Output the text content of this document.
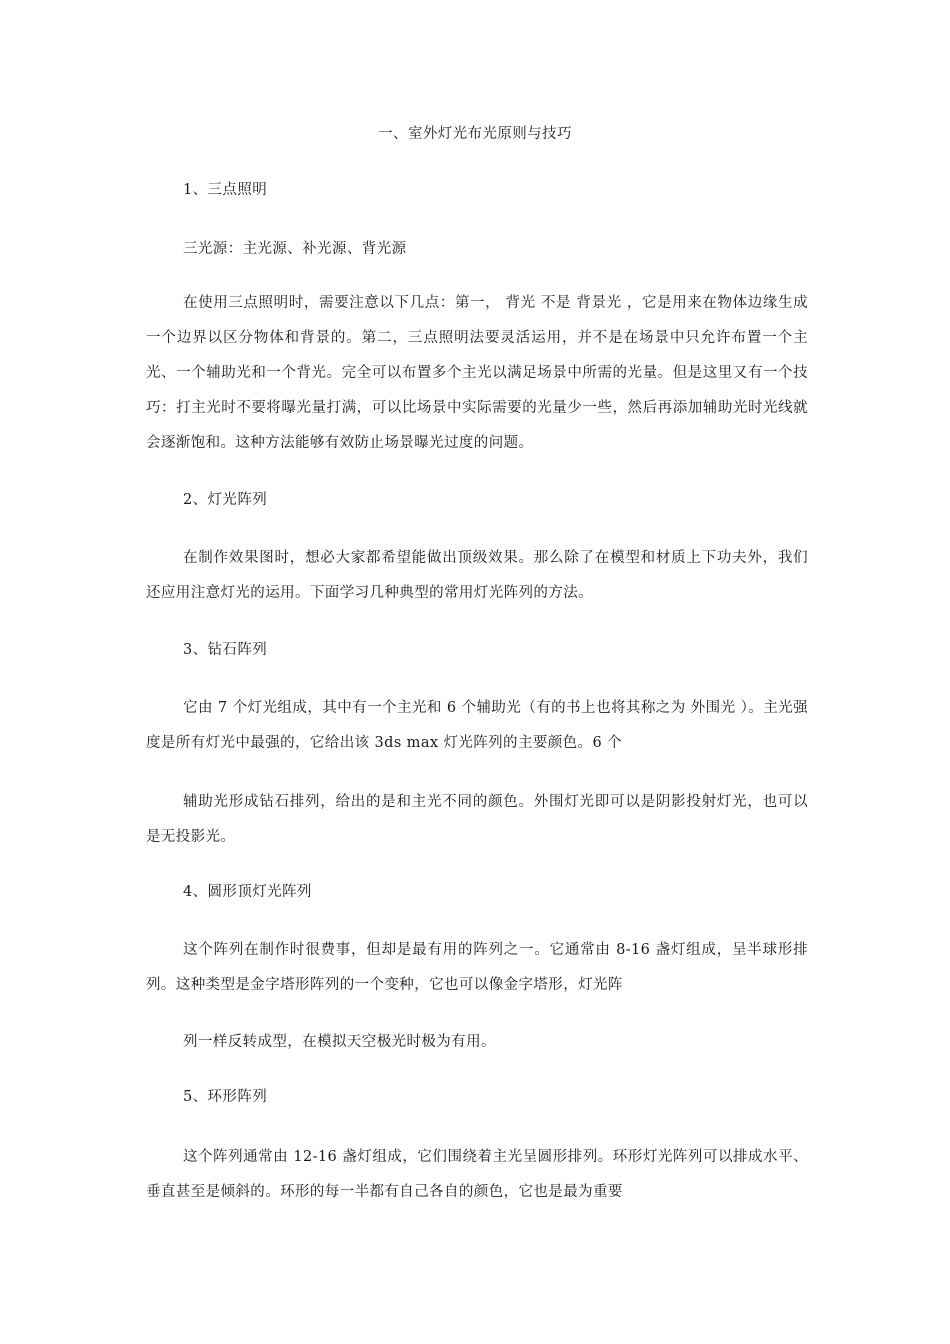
一、室外灯光布光原则与技巧
1、三点照明
三光源：主光源、补光源、背光源
在使用三点照明时，需要注意以下几点：第一， 背光 不是 背景光 ，它是用来在物体边缘生成一个边界以区分物体和背景的。第二，三点照明法要灵活运用，并不是在场景中只允许布置一个主光、一个辅助光和一个背光。完全可以布置多个主光以满足场景中所需的光量。但是这里又有一个技巧：打主光时不要将曝光量打满，可以比场景中实际需要的光量少一些，然后再添加辅助光时光线就会逐渐饱和。这种方法能够有效防止场景曝光过度的问题。
2、灯光阵列
在制作效果图时，想必大家都希望能做出顶级效果。那么除了在模型和材质上下功夫外，我们还应用注意灯光的运用。下面学习几种典型的常用灯光阵列的方法。
3、钻石阵列
它由 7 个灯光组成，其中有一个主光和 6 个辅助光（有的书上也将其称之为 外围光 ）。主光强度是所有灯光中最强的，它给出该 3ds max 灯光阵列的主要颜色。6 个
辅助光形成钻石排列，给出的是和主光不同的颜色。外围灯光即可以是阴影投射灯光，也可以是无投影光。
4、圆形顶灯光阵列
这个阵列在制作时很费事，但却是最有用的阵列之一。它通常由 8-16 盏灯组成，呈半球形排列。这种类型是金字塔形阵列的一个变种，它也可以像金字塔形，灯光阵
列一样反转成型，在模拟天空极光时极为有用。
5、环形阵列
这个阵列通常由 12-16 盏灯组成，它们围绕着主光呈圆形排列。环形灯光阵列可以排成水平、垂直甚至是倾斜的。环形的每一半都有自己各自的颜色，它也是最为重要
